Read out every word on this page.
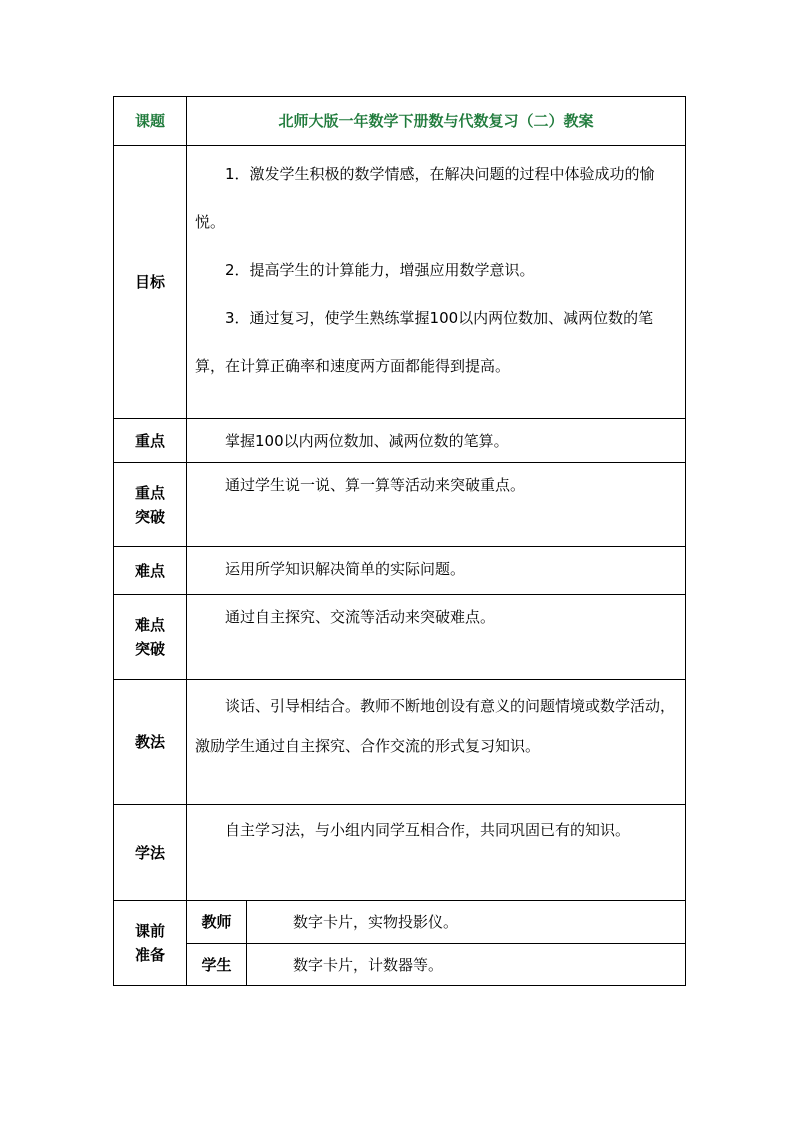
课题	北师大版一年数学下册数与代数复习（二）教案	
目标	1．激发学生积极的数学情感，在解决问题的过程中体验成功的愉悦。

2．提高学生的计算能力，增强应用数学意识。

3．通过复习，使学生熟练掌握100以内两位数加、减两位数的笔算，在计算正确率和速度两方面都能得到提高。	

重点	掌握100以内两位数加、减两位数的笔算。	

重点
突破	通过学生说一说、算一算等活动来突破重点。	

难点	运用所学知识解决简单的实际问题。	

难点
突破	通过自主探究、交流等活动来突破难点。	

教法	谈话、引导相结合。教师不断地创设有意义的问题情境或数学活动，激励学生通过自主探究、合作交流的形式复习知识。	

学法	自主学习法，与小组内同学互相合作，共同巩固已有的知识。	

课前
准备	教师	数字卡片，实物投影仪。
	学生	数字卡片，计数器等。
